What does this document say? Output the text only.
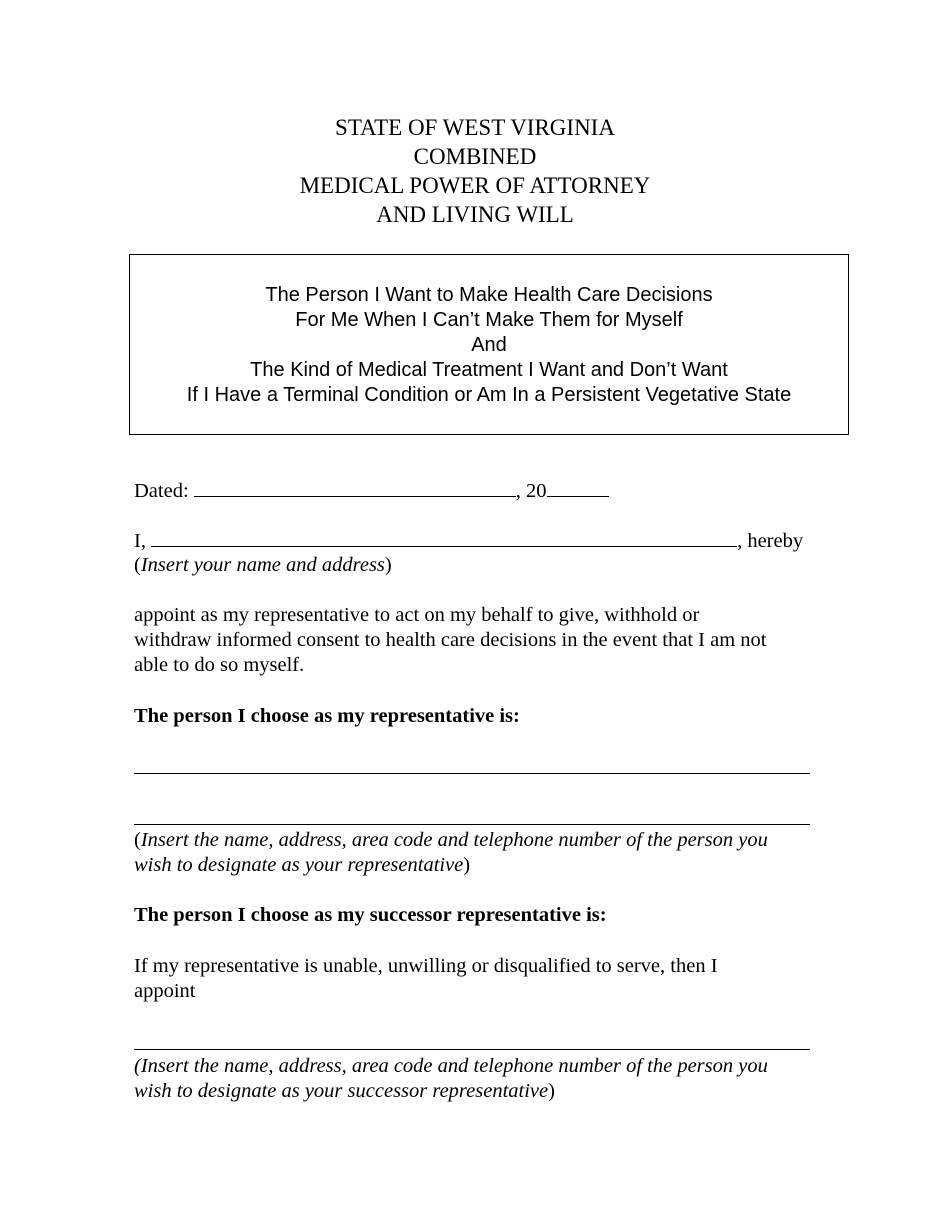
STATE OF WEST VIRGINIA
COMBINED
MEDICAL POWER OF ATTORNEY
AND LIVING WILL
The Person I Want to Make Health Care Decisions
For Me When I Can’t Make Them for Myself
And
The Kind of Medical Treatment I Want and Don’t Want
If I Have a Terminal Condition or Am In a Persistent Vegetative State
Dated:	, 20
I,	, hereby
(Insert your name and address)
appoint as my representative to act on my behalf to give, withhold or
withdraw informed consent to health care decisions in the event that I am not
able to do so myself.
The person I choose as my representative is:
(Insert the name, address, area code and telephone number of the person you
wish to designate as your representative)
The person I choose as my successor representative is:
If my representative is unable, unwilling or disqualified to serve, then I
appoint
(Insert the name, address, area code and telephone number of the person you
wish to designate as your successor representative)
